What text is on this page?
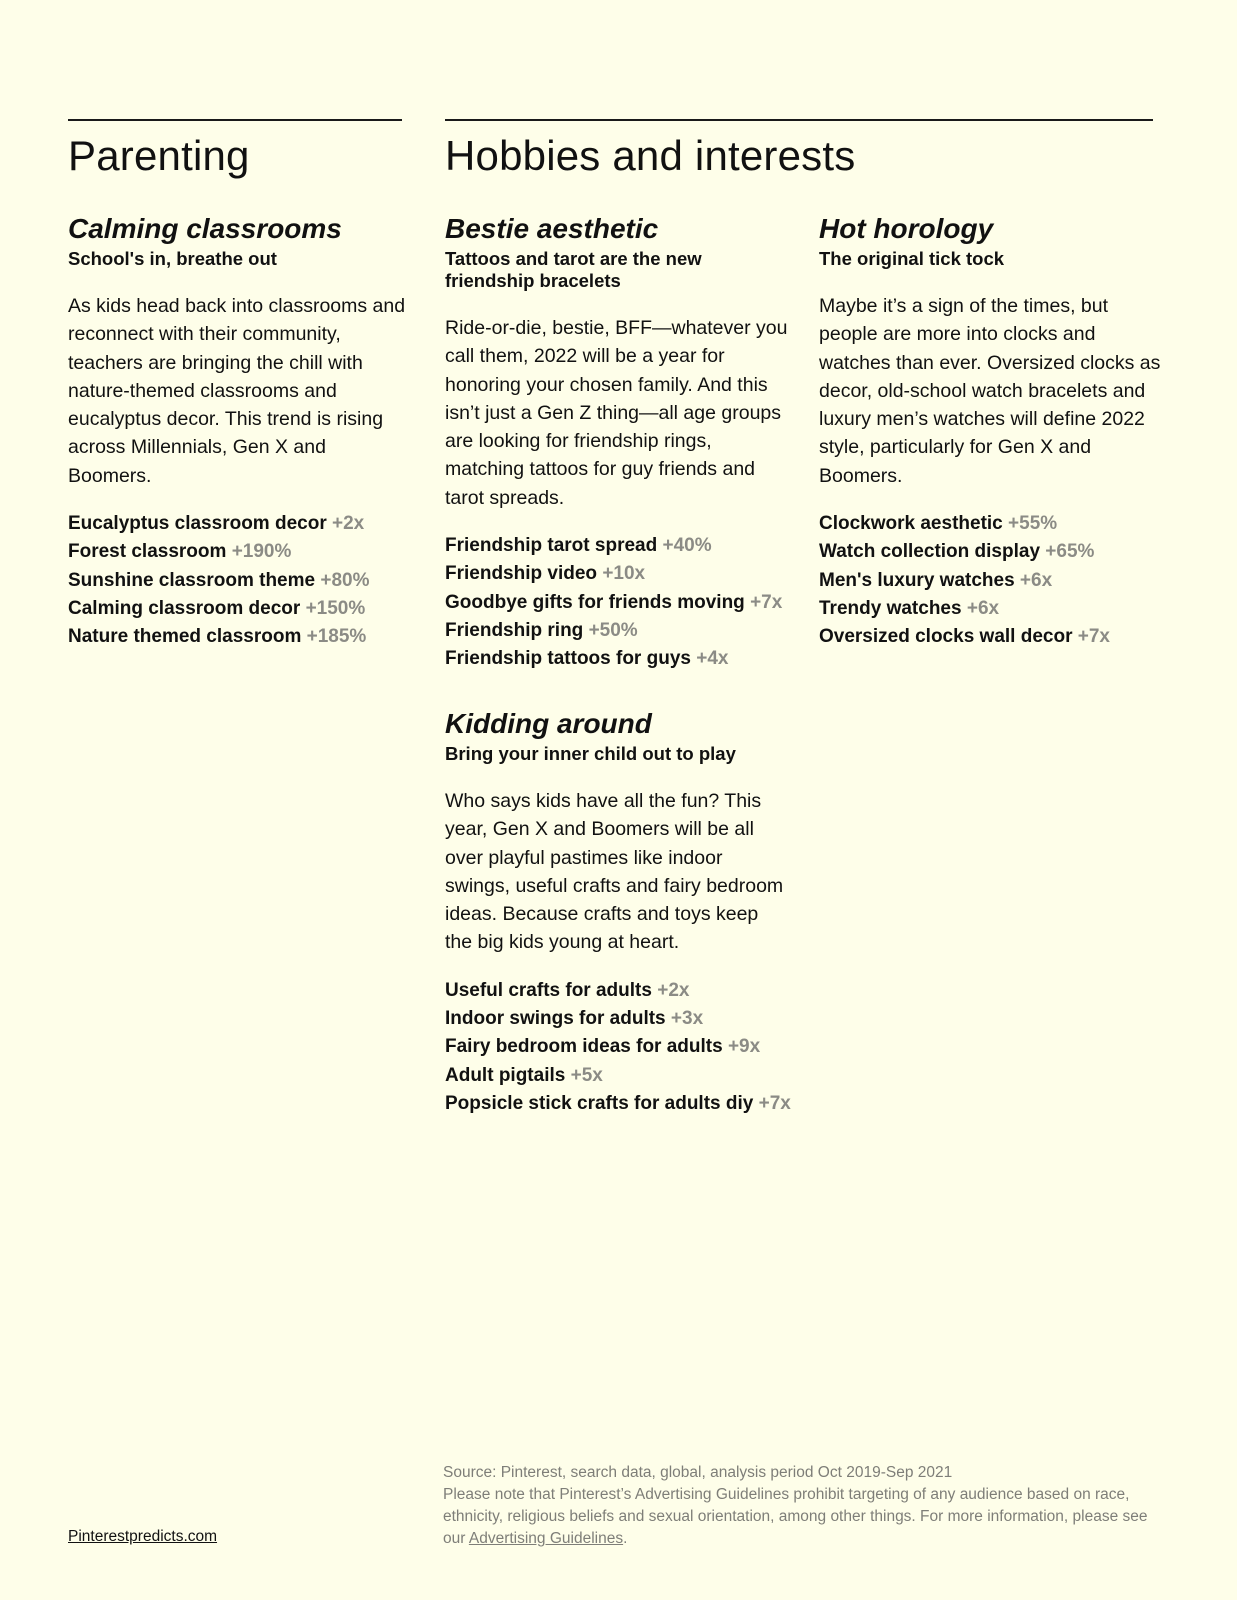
Parenting	Hobbies and interests
Calming classrooms
School's in, breathe out

As kids head back into classrooms and reconnect with their community, teachers are bringing the chill with nature-themed classrooms and eucalyptus decor. This trend is rising across Millennials, Gen X and Boomers.

Eucalyptus classroom decor +2x
Forest classroom +190%
Sunshine classroom theme +80%
Calming classroom decor +150%
Nature themed classroom +185%
Bestie aesthetic
Tattoos and tarot are the new friendship bracelets

Ride-or-die, bestie, BFF—whatever you call them, 2022 will be a year for honoring your chosen family. And this isn’t just a Gen Z thing—all age groups are looking for friendship rings, matching tattoos for guy friends and tarot spreads.

Friendship tarot spread +40%
Friendship video +10x
Goodbye gifts for friends moving +7x
Friendship ring +50%
Friendship tattoos for guys +4x
Kidding around
Bring your inner child out to play

Who says kids have all the fun? This year, Gen X and Boomers will be all over playful pastimes like indoor swings, useful crafts and fairy bedroom ideas. Because crafts and toys keep the big kids young at heart.

Useful crafts for adults +2x
Indoor swings for adults +3x
Fairy bedroom ideas for adults +9x
Adult pigtails +5x
Popsicle stick crafts for adults diy +7x
Hot horology
The original tick tock

Maybe it’s a sign of the times, but people are more into clocks and watches than ever. Oversized clocks as decor, old-school watch bracelets and luxury men’s watches will define 2022 style, particularly for Gen X and Boomers.

Clockwork aesthetic +55%
Watch collection display +65%
Men's luxury watches +6x
Trendy watches +6x
Oversized clocks wall decor +7x
Pinterestpredicts.com
Source: Pinterest, search data, global, analysis period Oct 2019-Sep 2021
Please note that Pinterest’s Advertising Guidelines prohibit targeting of any audience based on race, ethnicity, religious beliefs and sexual orientation, among other things. For more information, please see our Advertising Guidelines.
